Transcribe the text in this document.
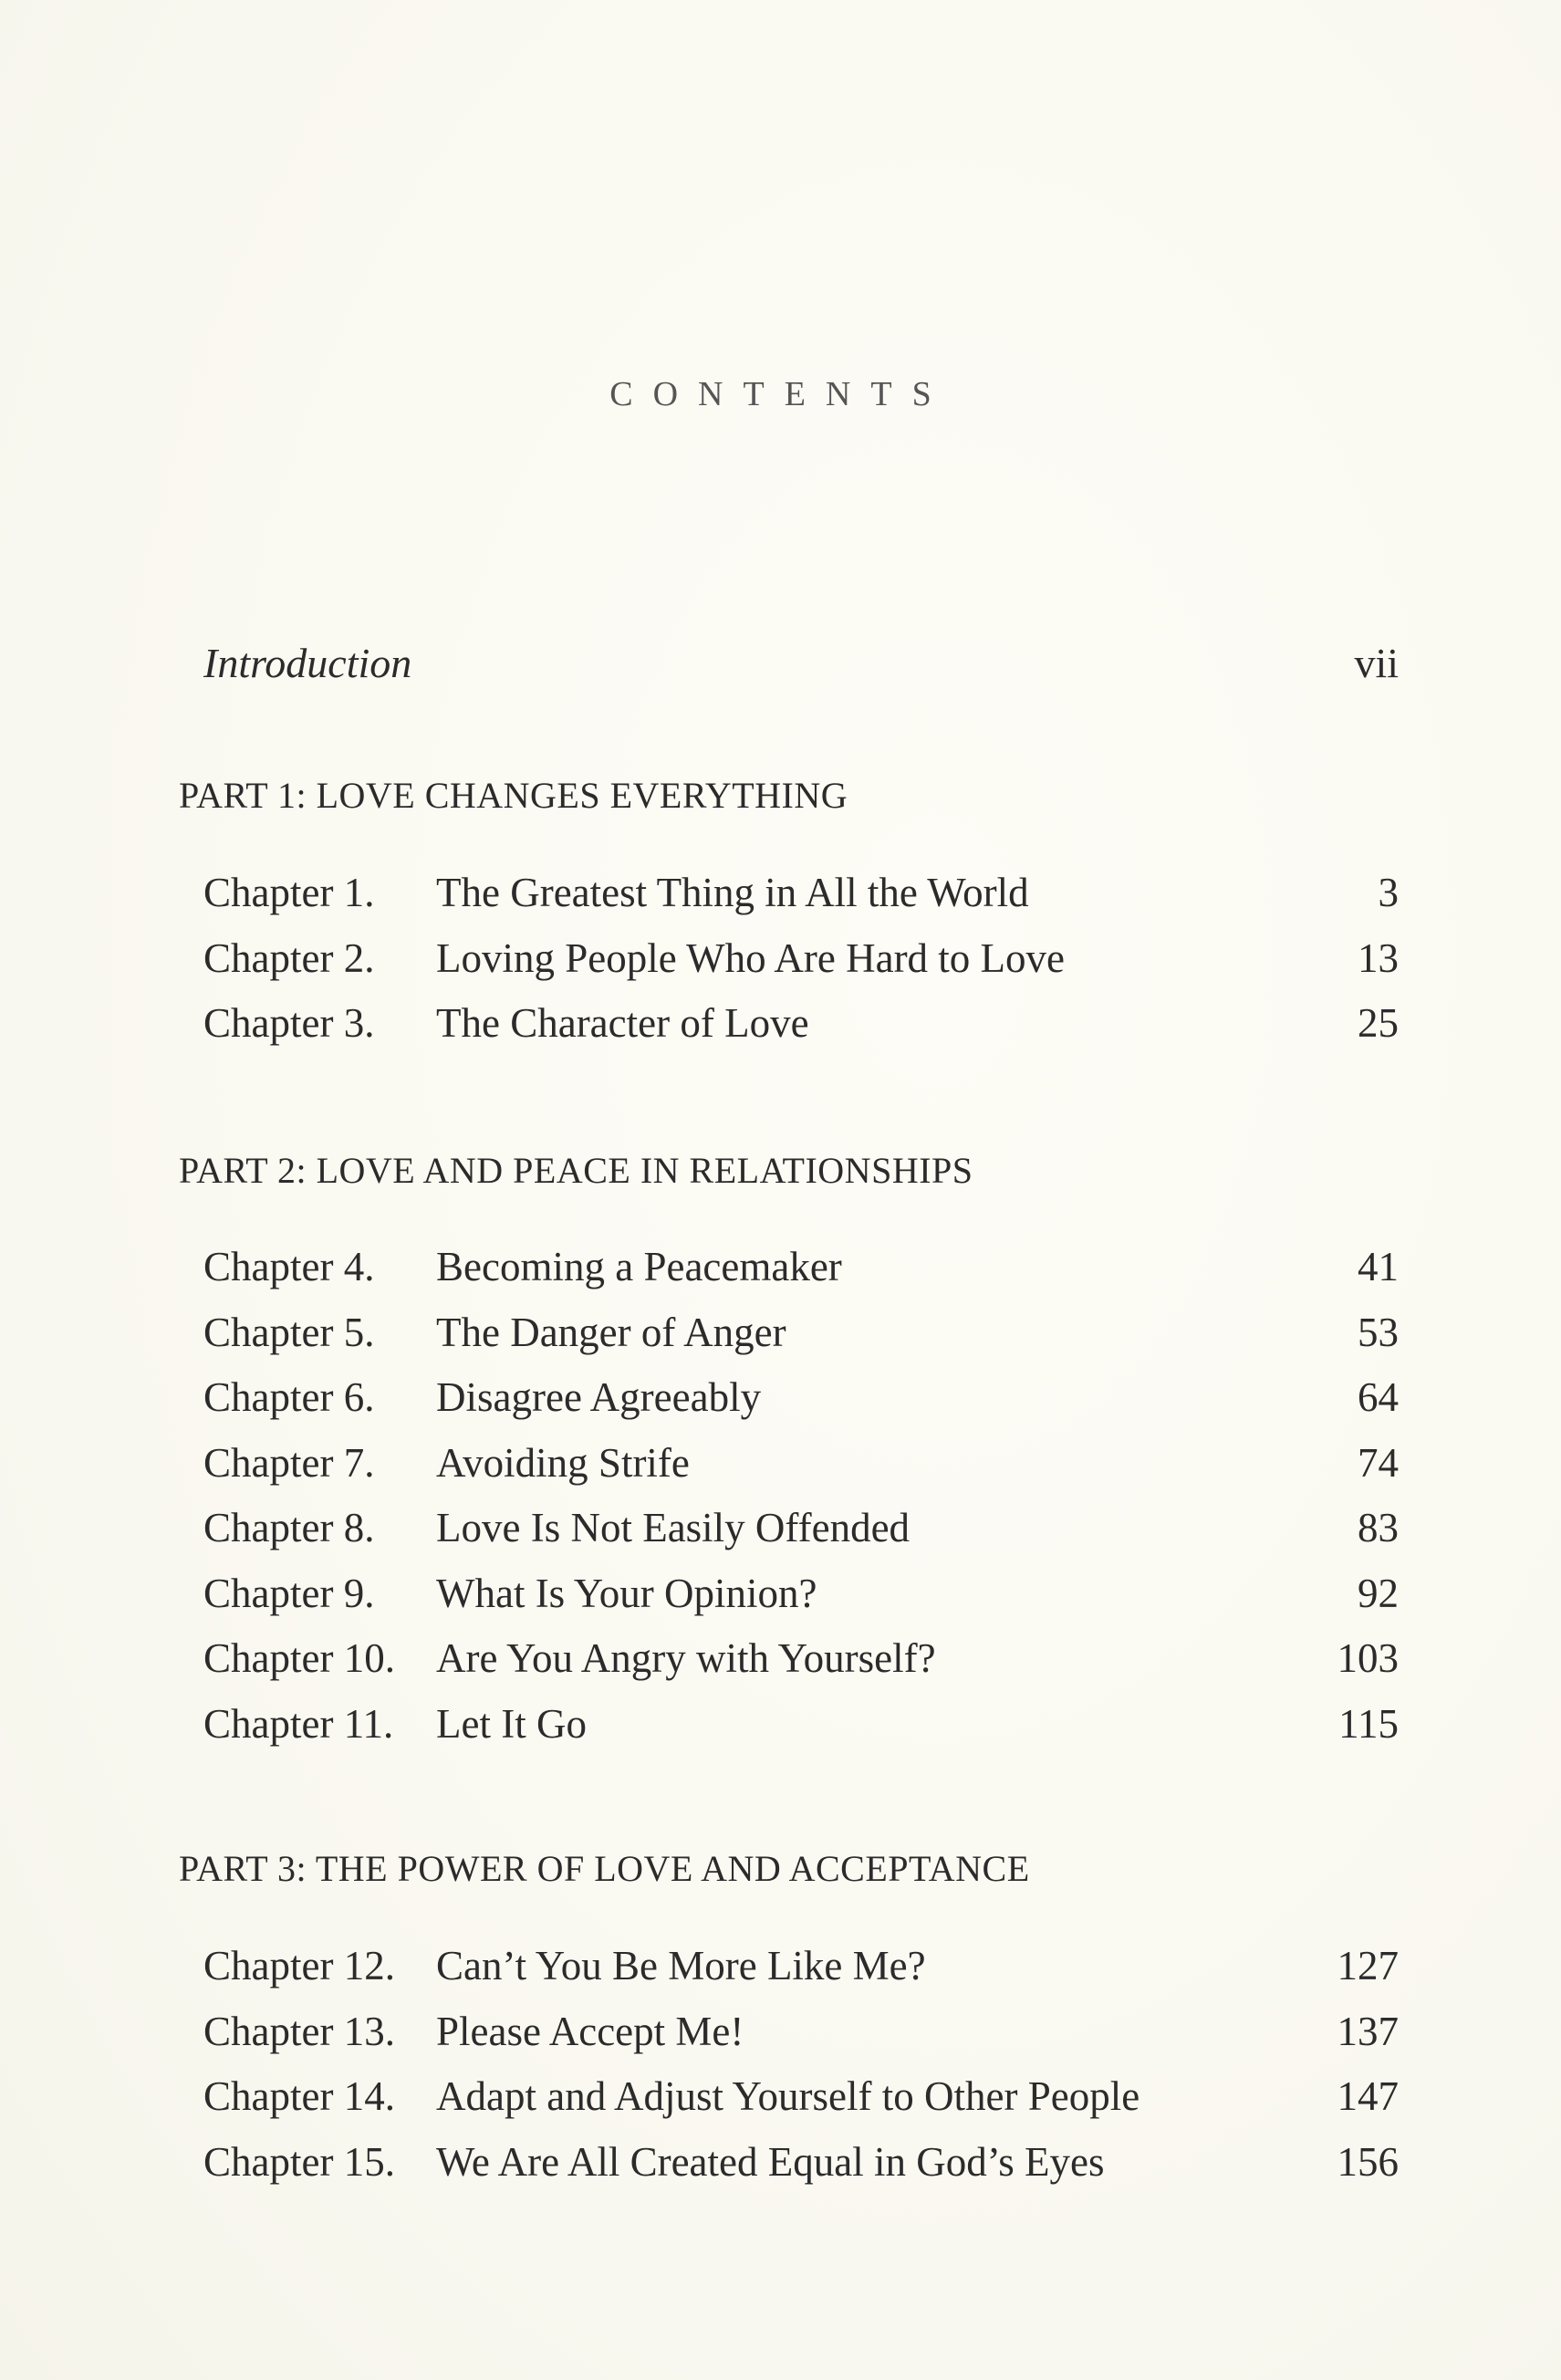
CONTENTS
Introduction	vii
PART 1: LOVE CHANGES EVERYTHING
Chapter 1. The Greatest Thing in All the World	3
Chapter 2. Loving People Who Are Hard to Love	13
Chapter 3. The Character of Love	25
PART 2: LOVE AND PEACE IN RELATIONSHIPS
Chapter 4. Becoming a Peacemaker	41
Chapter 5. The Danger of Anger	53
Chapter 6. Disagree Agreeably	64
Chapter 7. Avoiding Strife	74
Chapter 8. Love Is Not Easily Offended	83
Chapter 9. What Is Your Opinion?	92
Chapter 10. Are You Angry with Yourself?	103
Chapter 11. Let It Go	115
PART 3: THE POWER OF LOVE AND ACCEPTANCE
Chapter 12. Can’t You Be More Like Me?	127
Chapter 13. Please Accept Me!	137
Chapter 14. Adapt and Adjust Yourself to Other People	147
Chapter 15. We Are All Created Equal in God’s Eyes	156
